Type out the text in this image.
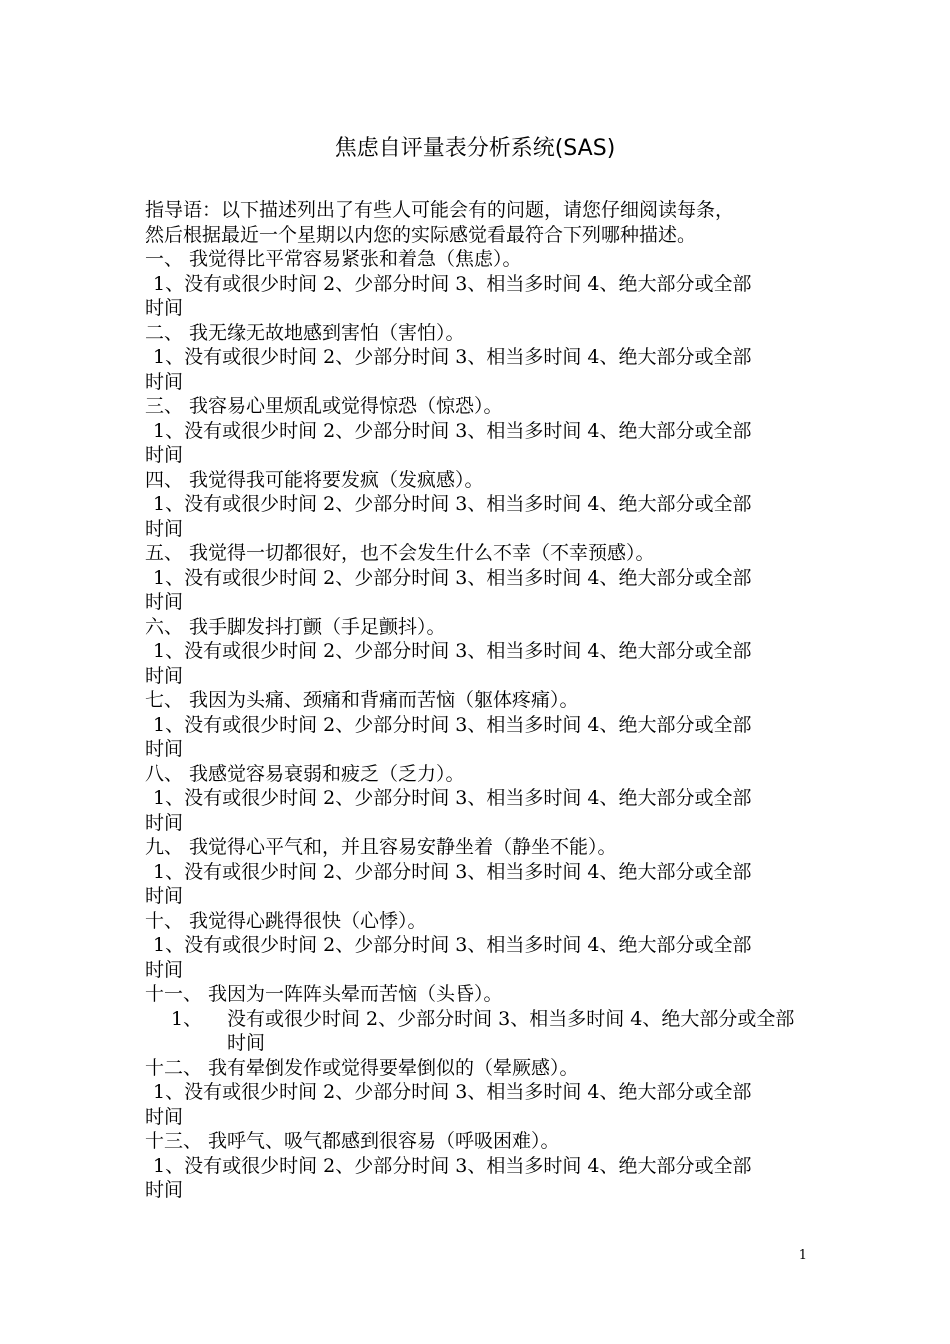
焦虑自评量表分析系统(SAS)
指导语：以下描述列出了有些人可能会有的问题，请您仔细阅读每条，
然后根据最近一个星期以内您的实际感觉看最符合下列哪种描述。
一、 我觉得比平常容易紧张和着急（焦虑）。
1、没有或很少时间 2、少部分时间 3、相当多时间 4、绝大部分或全部
时间
二、 我无缘无故地感到害怕（害怕）。
1、没有或很少时间 2、少部分时间 3、相当多时间 4、绝大部分或全部
时间
三、 我容易心里烦乱或觉得惊恐（惊恐）。
1、没有或很少时间 2、少部分时间 3、相当多时间 4、绝大部分或全部
时间
四、 我觉得我可能将要发疯（发疯感）。
1、没有或很少时间 2、少部分时间 3、相当多时间 4、绝大部分或全部
时间
五、 我觉得一切都很好，也不会发生什么不幸（不幸预感）。
1、没有或很少时间 2、少部分时间 3、相当多时间 4、绝大部分或全部
时间
六、 我手脚发抖打颤（手足颤抖）。
1、没有或很少时间 2、少部分时间 3、相当多时间 4、绝大部分或全部
时间
七、 我因为头痛、颈痛和背痛而苦恼（躯体疼痛）。
1、没有或很少时间 2、少部分时间 3、相当多时间 4、绝大部分或全部
时间
八、 我感觉容易衰弱和疲乏（乏力）。
1、没有或很少时间 2、少部分时间 3、相当多时间 4、绝大部分或全部
时间
九、 我觉得心平气和，并且容易安静坐着（静坐不能）。
1、没有或很少时间 2、少部分时间 3、相当多时间 4、绝大部分或全部
时间
十、 我觉得心跳得很快（心悸）。
1、没有或很少时间 2、少部分时间 3、相当多时间 4、绝大部分或全部
时间
十一、 我因为一阵阵头晕而苦恼（头昏）。
1、	没有或很少时间 2、少部分时间 3、相当多时间 4、绝大部分或全部时间
十二、 我有晕倒发作或觉得要晕倒似的（晕厥感）。
1、没有或很少时间 2、少部分时间 3、相当多时间 4、绝大部分或全部
时间
十三、 我呼气、吸气都感到很容易（呼吸困难）。
1、没有或很少时间 2、少部分时间 3、相当多时间 4、绝大部分或全部
时间
1
